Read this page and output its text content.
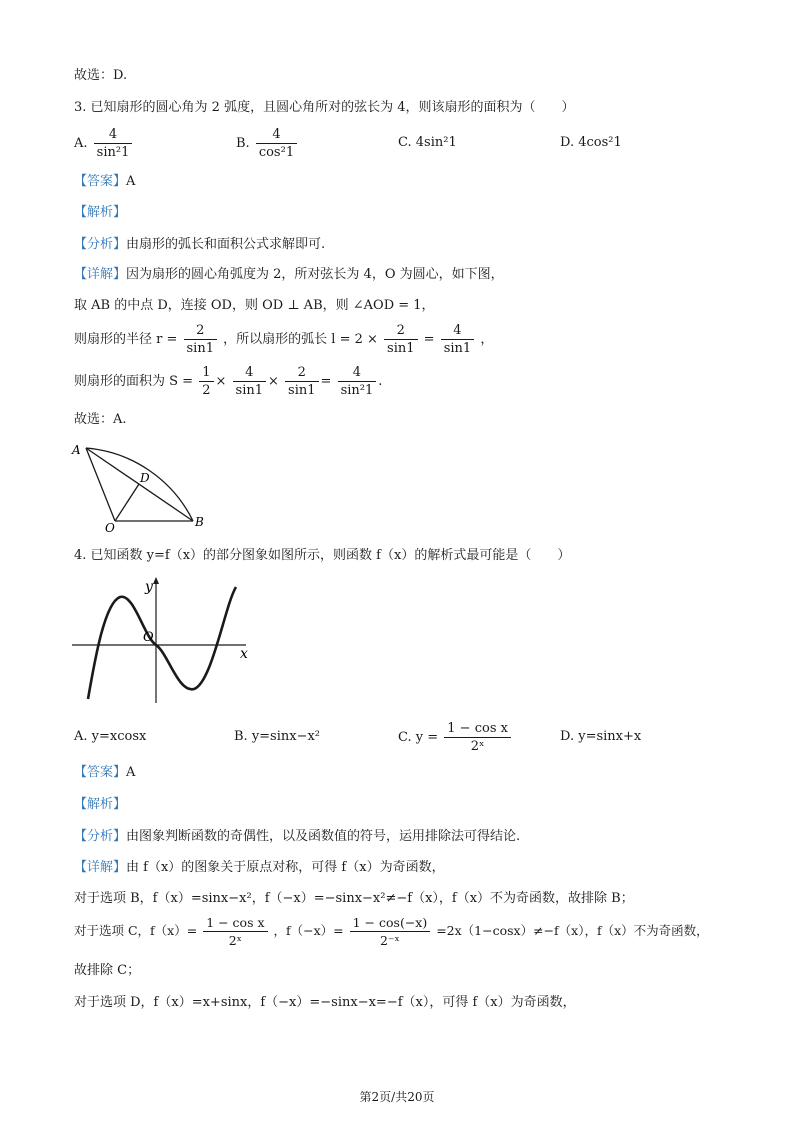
故选：D.
3. 已知扇形的圆心角为 2 弧度，且圆心角所对的弦长为 4，则该扇形的面积为（　　）
A. $\frac{4}{\text{sin²1}}$	B. $\frac{4}{\text{cos²1}}$	C. 4sin²1	D. 4cos²1
【答案】A
【解析】
【分析】由扇形的弧长和面积公式求解即可.
【详解】因为扇形的圆心角弧度为 2，所对弦长为 4，O 为圆心，如下图，
取 AB 的中点 D，连接 OD，则 OD ⊥ AB，则 ∠AOD = 1，
则扇形的半径 $r = \frac{2}{\sin 1}$ ，所以扇形的弧长 $l = 2 \times \frac{2}{\sin 1} = \frac{4}{\sin 1}$ ，
则扇形的面积为 $S = \frac{1}{2} \times \frac{4}{\sin 1} \times \frac{2}{\sin 1} = \frac{4}{\text{sin²1}}$ .
故选：A.
A
D
O	B
4. 已知函数 y=f（x）的部分图象如图所示，则函数 f（x）的解析式最可能是（　　）
y
x
O
A. y=xcosx	B. y=sinx−x²	C. $y = \frac{\text{1 − cos x}}{\text{2ˣ}}$	D. y=sinx+x
【答案】A
【解析】
【分析】由图象判断函数的奇偶性，以及函数值的符号，运用排除法可得结论.
【详解】由 f（x）的图象关于原点对称，可得 f（x）为奇函数，
对于选项 B，f（x）=sinx−x²，f（−x）=−sinx−x²≠−f（x），f（x）不为奇函数，故排除 B；
对于选项 C，$f(x)= \frac{\text{1 − cos x}}{\text{2ˣ}}$ ，$f(-x)= \frac{1 - \cos(-x)}{\text{2⁻ˣ}} =2x(1-\cos x)\ne-f(x)$，f（x）不为奇函数，
故排除 C；
对于选项 D，f（x）=x+sinx，f（−x）=−sinx−x=−f（x），可得 f（x）为奇函数，
第2页/共20页
